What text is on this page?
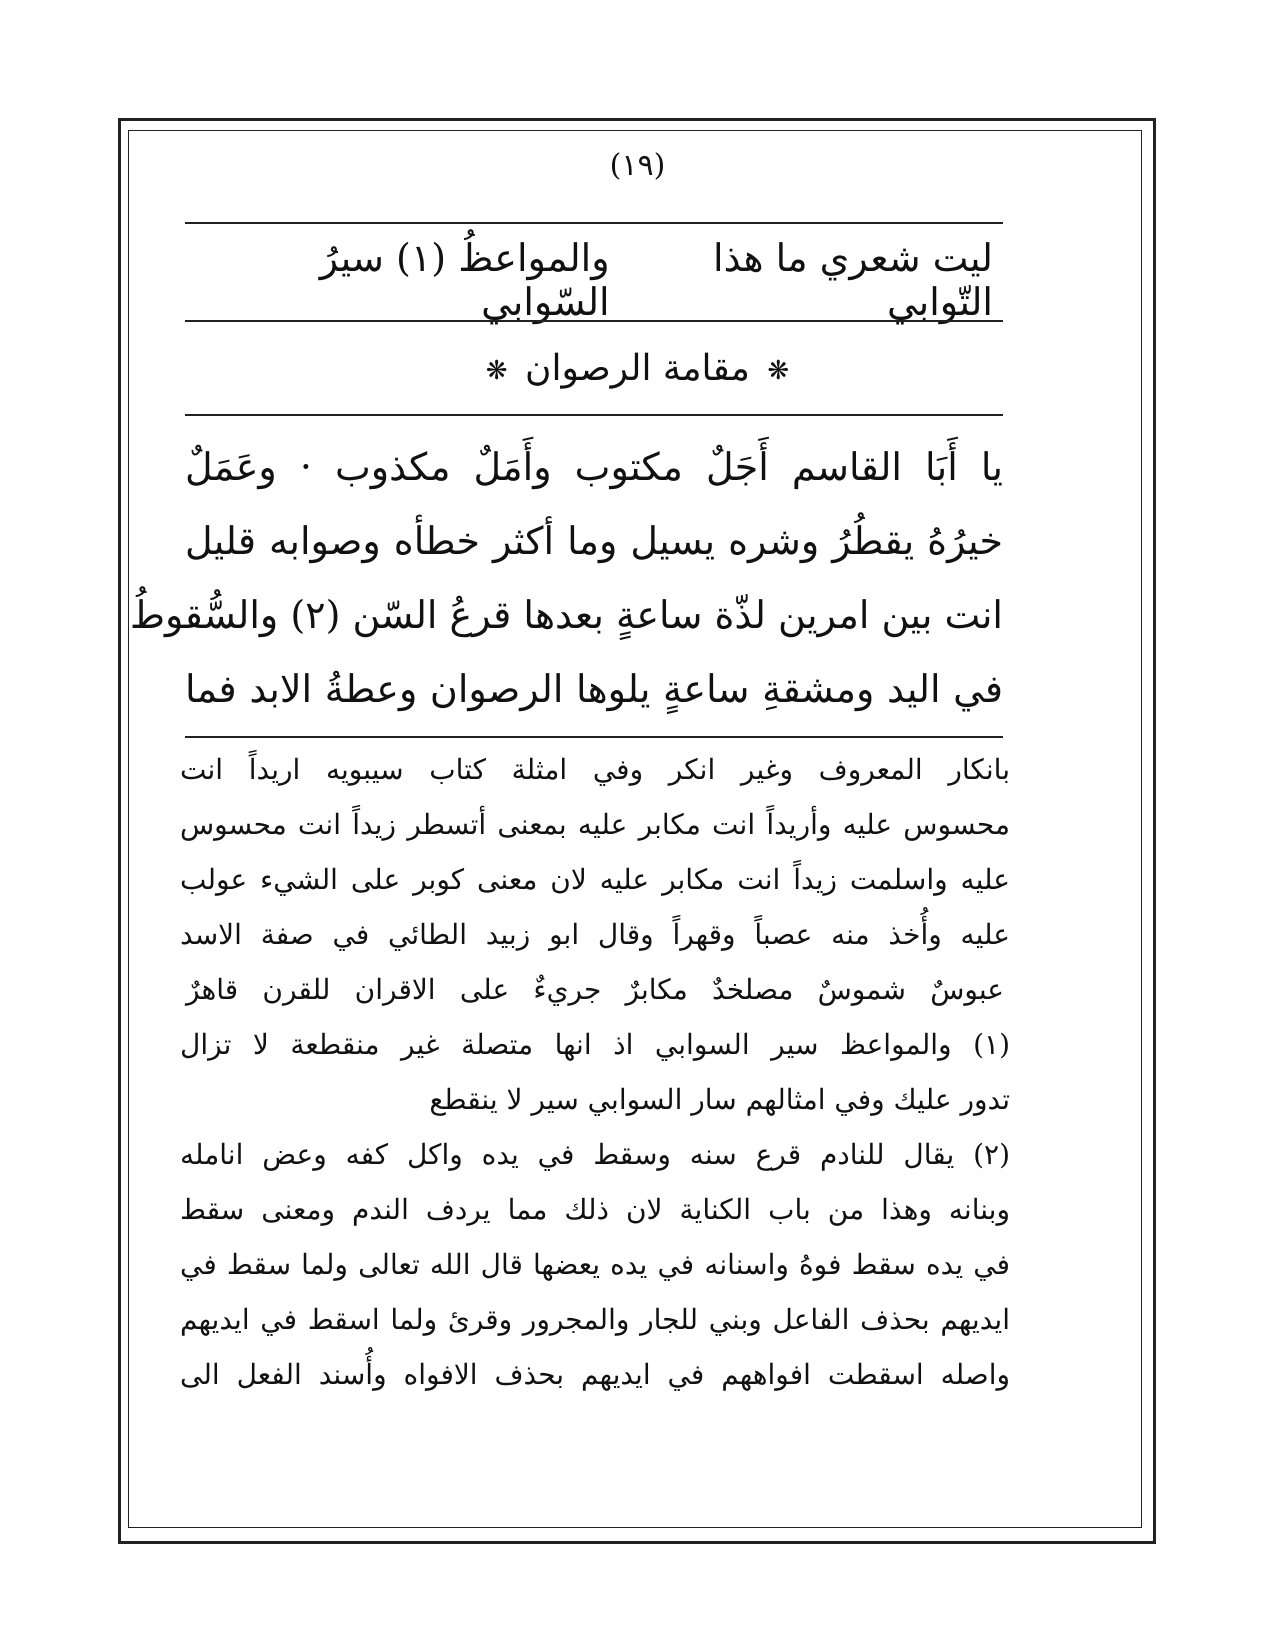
(١٩)
ليت شعري ما هذا التّوابي
والمواعظُ (١) سيرُ السّوابي
❋ مقامة الرصوان ❋
يا أَبَا القاسم أَجَلٌ مكتوب وأَمَلٌ مكذوب · وعَمَلٌ
خيرُهُ يقطُرُ وشره يسيل وما أكثر خطأه وصوابه قليل
انت بين امرين لذّة ساعةٍ بعدها قرعُ السّن (٢) والسُّقوطُ
في اليد ومشقةِ ساعةٍ يلوها الرصوان وعطةُ الابد فما
بانكار المعروف وغير انكر وفي امثلة كتاب سيبويه اريداً انت
محسوس عليه وأريداً انت مكابر عليه بمعنى أتسطر زيداً انت محسوس
عليه واسلمت زيداً انت مكابر عليه لان معنى كوبر على الشيء عولب
عليه وأُخذ منه عصباً وقهراً وقال ابو زبيد الطائي في صفة الاسد
عبوسٌ شموسٌ مصلخدٌ مكابرٌ جريءٌ على الاقران للقرن قاهرٌ
(١) والمواعظ سير السوابي اذ انها متصلة غير منقطعة لا تزال
تدور عليك وفي امثالهم سار السوابي سير لا ينقطع
(٢) يقال للنادم قرع سنه وسقط في يده واكل كفه وعض انامله
وبنانه وهذا من باب الكناية لان ذلك مما يردف الندم ومعنى سقط
في يده سقط فوهُ واسنانه في يده يعضها قال الله تعالى ولما سقط في
ايديهم بحذف الفاعل وبني للجار والمجرور وقرئ ولما اسقط في ايديهم
واصله اسقطت افواههم في ايديهم بحذف الافواه وأُسند الفعل الى
